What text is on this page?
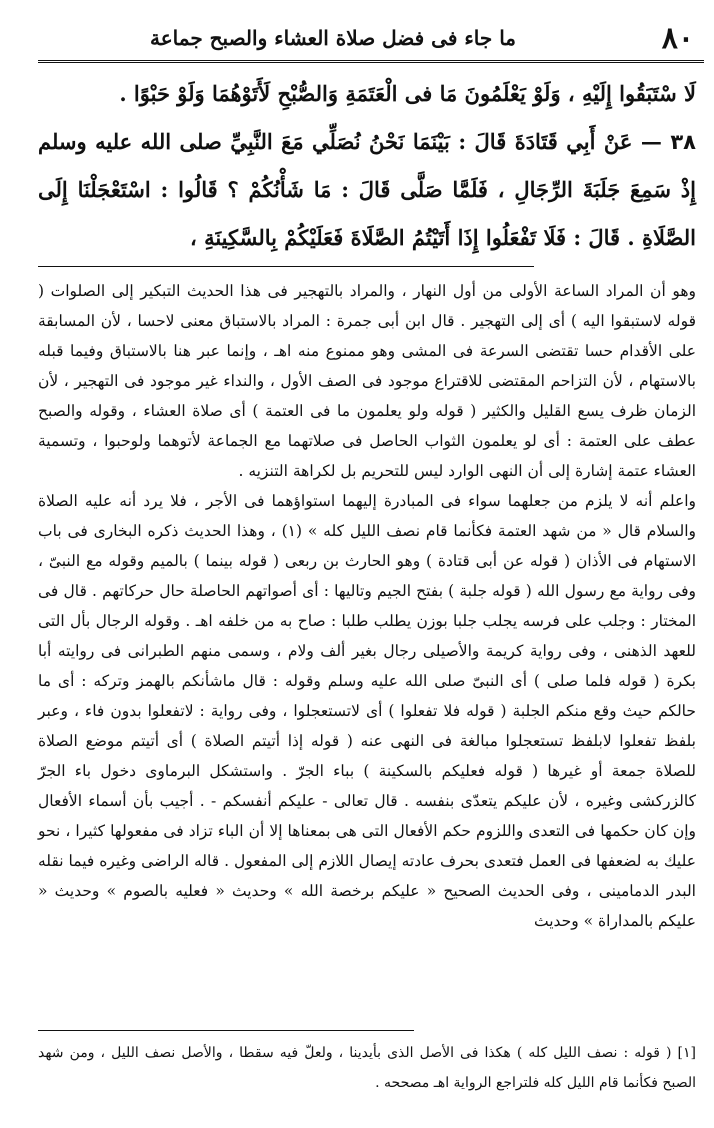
٨٠
ما جاء فى فضل صلاة العشاء والصبح جماعة

لَا سْتَبَقُوا إِلَيْهِ ، وَلَوْ يَعْلَمُونَ مَا فى الْعَتَمَةِ وَالصُّبْحِ لَأَتَوْهُمَا وَلَوْ حَبْوًا .

٣٨ — عَنْ أَبِي قَتَادَةَ قَالَ : بَيْنَمَا نَحْنُ نُصَلِّي مَعَ النَّبِيِّ صلى الله عليه وسلم إِذْ سَمِعَ جَلَبَةَ الرِّجَالِ ، فَلَمَّا صَلَّى قَالَ : مَا شَأْنُكُمْ ؟ قَالُوا : اسْتَعْجَلْنَا إِلَى الصَّلَاةِ . قَالَ : فَلَا تَفْعَلُوا إِذَا أَتَيْتُمُ الصَّلَاةَ فَعَلَيْكُمْ بِالسَّكِينَةِ ،

وهو أن المراد الساعة الأولى من أول النهار ، والمراد بالتهجير فى هذا الحديث التبكير إلى الصلوات ( قوله لاستبقوا اليه ) أى إلى التهجير . قال ابن أبى جمرة : المراد بالاستباق معنى لاحسا ، لأن المسابقة على الأقدام حسا تقتضى السرعة فى المشى وهو ممنوع منه اهـ ، وإنما عبر هنا بالاستباق وفيما قبله بالاستهام ، لأن التزاحم المقتضى للاقتراع موجود فى الصف الأول ، والنداء غير موجود فى التهجير ، لأن الزمان ظرف يسع القليل والكثير ( قوله ولو يعلمون ما فى العتمة ) أى صلاة العشاء ، وقوله والصبح عطف على العتمة : أى لو يعلمون الثواب الحاصل فى صلاتهما مع الجماعة لأتوهما ولوحبوا ، وتسمية العشاء عتمة إشارة إلى أن النهى الوارد ليس للتحريم بل لكراهة التنزيه .

واعلم أنه لا يلزم من جعلهما سواء فى المبادرة إليهما استواؤهما فى الأجر ، فلا يرد أنه عليه الصلاة والسلام قال « من شهد العتمة فكأنما قام نصف الليل كله » (١) ، وهذا الحديث ذكره البخارى فى باب الاستهام فى الأذان ( قوله عن أبى قتادة ) وهو الحارث بن ربعى ( قوله بينما ) بالميم وقوله مع النبىّ ، وفى رواية مع رسول الله ( قوله جلبة ) بفتح الجيم وتاليها : أى أصواتهم الحاصلة حال حركاتهم . قال فى المختار : وجلب على فرسه يجلب جلبا بوزن يطلب طلبا : صاح به من خلفه اهـ . وقوله الرجال بأل التى للعهد الذهنى ، وفى رواية كريمة والأصيلى رجال بغير ألف ولام ، وسمى منهم الطبرانى فى روايته أبا بكرة ( قوله فلما صلى ) أى النبىّ صلى الله عليه وسلم وقوله : قال ماشأنكم بالهمز وتركه : أى ما حالكم حيث وقع منكم الجلبة ( قوله فلا تفعلوا ) أى لاتستعجلوا ، وفى رواية : لاتفعلوا بدون فاء ، وعبر بلفظ تفعلوا لابلفظ تستعجلوا مبالغة فى النهى عنه ( قوله إذا أتيتم الصلاة ) أى أتيتم موضع الصلاة للصلاة جمعة أو غيرها ( قوله فعليكم بالسكينة ) بباء الجرّ . واستشكل البرماوى دخول باء الجرّ كالزركشى وغيره ، لأن عليكم يتعدّى بنفسه . قال تعالى - عليكم أنفسكم - . أجيب بأن أسماء الأفعال وإن كان حكمها فى التعدى واللزوم حكم الأفعال التى هى بمعناها إلا أن الباء تزاد فى مفعولها كثيرا ، نحو عليك به لضعفها فى العمل فتعدى بحرف عادته إيصال اللازم إلى المفعول . قاله الراضى وغيره فيما نقله البدر الدمامينى ، وفى الحديث الصحيح « عليكم برخصة الله » وحديث « فعليه بالصوم » وحديث « عليكم بالمداراة » وحديث

[١] ( قوله : نصف الليل كله ) هكذا فى الأصل الذى بأيدينا ، ولعلّ فيه سقطا ، والأصل نصف الليل ، ومن شهد الصبح فكأنما قام الليل كله فلتراجع الرواية اهـ مصححه .
